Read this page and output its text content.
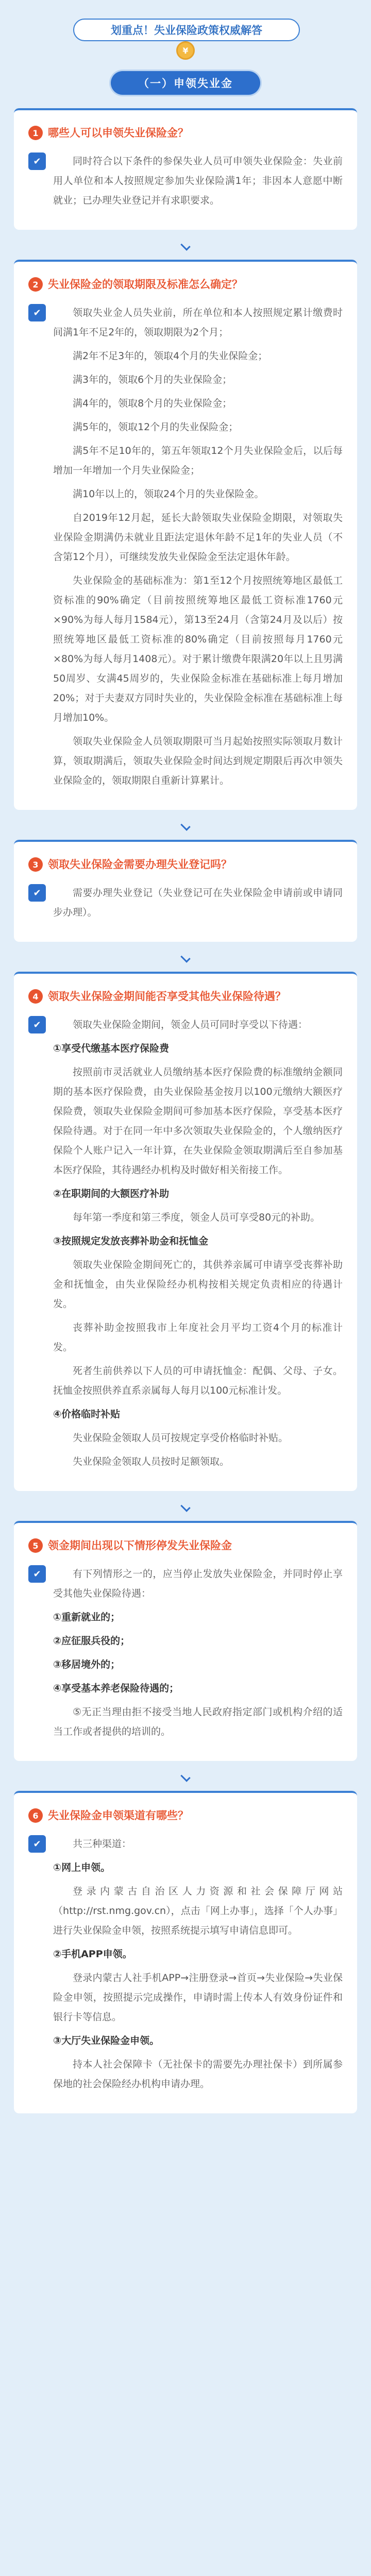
划重点！失业保险政策权威解答
¥
（一）申领失业金
1 哪些人可以申领失业保险金？
✔	同时符合以下条件的参保失业人员可申领失业保险金：失业前用人单位和本人按照规定参加失业保险满1年；非因本人意愿中断就业；已办理失业登记并有求职要求。

2 失业保险金的领取期限及标准怎么确定？
✔	领取失业金人员失业前，所在单位和本人按照规定累计缴费时间满1年不足2年的，领取期限为2个月；

满2年不足3年的，领取4个月的失业保险金；

满3年的，领取6个月的失业保险金；

满4年的，领取8个月的失业保险金；

满5年的，领取12个月的失业保险金；

满5年不足10年的，第五年领取12个月失业保险金后，以后每增加一年增加一个月失业保险金；

满10年以上的，领取24个月的失业保险金。

自2019年12月起，延长大龄领取失业保险金期限，对领取失业保险金期满仍未就业且距法定退休年龄不足1年的失业人员（不含第12个月），可继续发放失业保险金至法定退休年龄。

失业保险金的基础标准为：第1至12个月按照统筹地区最低工资标准的90%确定（目前按照统筹地区最低工资标准1760元×90%为每人每月1584元），第13至24月（含第24月及以后）按照统筹地区最低工资标准的80%确定（目前按照每月1760元×80%为每人每月1408元）。对于累计缴费年限满20年以上且男满50周岁、女满45周岁的，失业保险金标准在基础标准上每月增加20%；对于夫妻双方同时失业的，失业保险金标准在基础标准上每月增加10%。

领取失业保险金人员领取期限可当月起始按照实际领取月数计算，领取期满后，领取失业保险金时间达到规定期限后再次申领失业保险金的，领取期限自重新计算累计。

3 领取失业保险金需要办理失业登记吗？
✔	需要办理失业登记（失业登记可在失业保险金申请前或申请同步办理）。

4 领取失业保险金期间能否享受其他失业保险待遇？
✔	领取失业保险金期间，领金人员可同时享受以下待遇：

①享受代缴基本医疗保险费

按照前市灵活就业人员缴纳基本医疗保险费的标准缴纳金额同期的基本医疗保险费，由失业保险基金按月以100元缴纳大额医疗保险费，领取失业保险金期间可参加基本医疗保险，享受基本医疗保险待遇。对于在同一年中多次领取失业保险金的，个人缴纳医疗保险个人账户记入一年计算，在失业保险金领取期满后至自参加基本医疗保险，其待遇经办机构及时做好相关衔接工作。

②在职期间的大额医疗补助

每年第一季度和第三季度，领金人员可享受80元的补助。

③按照规定发放丧葬补助金和抚恤金

领取失业保险金期间死亡的，其供养亲属可申请享受丧葬补助金和抚恤金，由失业保险经办机构按相关规定负责相应的待遇计发。

丧葬补助金按照我市上年度社会月平均工资4个月的标准计发。

死者生前供养以下人员的可申请抚恤金：配偶、父母、子女。抚恤金按照供养直系亲属每人每月以100元标准计发。

④价格临时补贴

失业保险金领取人员可按规定享受价格临时补贴。

失业保险金领取人员按时足额领取。

5 领金期间出现以下情形停发失业保险金
✔	有下列情形之一的，应当停止发放失业保险金，并同时停止享受其他失业保险待遇：

①重新就业的；

②应征服兵役的；

③移居境外的；

④享受基本养老保险待遇的；

⑤无正当理由拒不接受当地人民政府指定部门或机构介绍的适当工作或者提供的培训的。

6 失业保险金申领渠道有哪些？
✔	共三种渠道：

①网上申领。

登录内蒙古自治区人力资源和社会保障厅网站（http://rst.nmg.gov.cn），点击「网上办事」，选择「个人办事」进行失业保险金申领，按照系统提示填写申请信息即可。

②手机APP申领。

登录内蒙古人社手机APP→注册登录→首页→失业保险→失业保险金申领，按照提示完成操作，申请时需上传本人有效身份证件和银行卡等信息。

③大厅失业保险金申领。

持本人社会保障卡（无社保卡的需要先办理社保卡）到所属参保地的社会保险经办机构申请办理。
